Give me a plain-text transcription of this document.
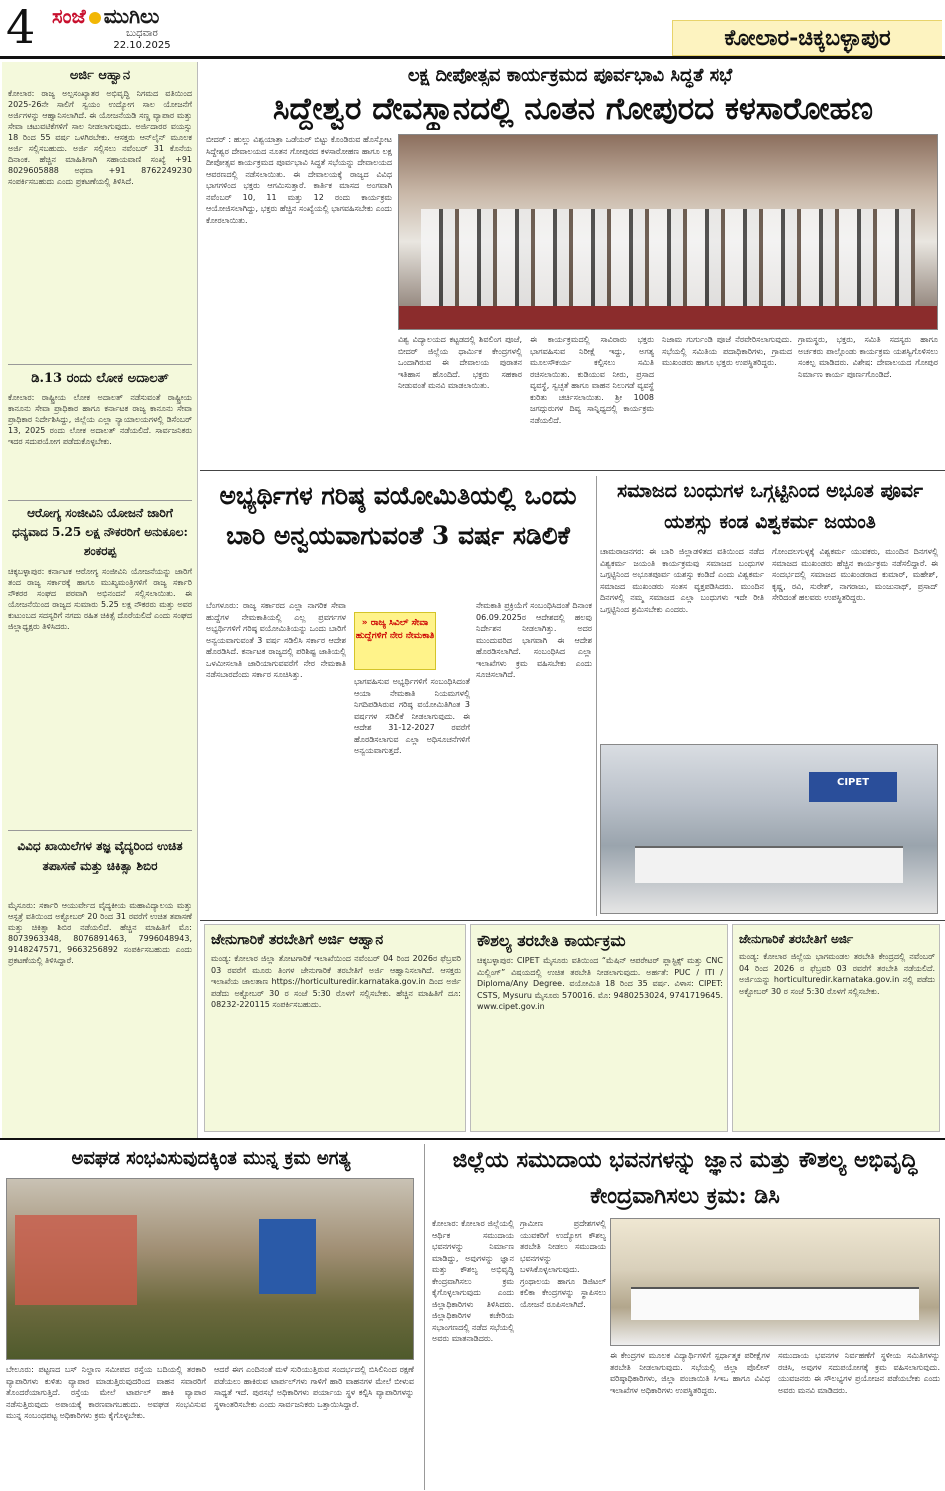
4 ಸಂಜೆ ಮುಗಿಲು
ಬುಧವಾರ
22.10.2025	ಕೋಲಾರ-ಚಿಕ್ಕಬಳ್ಳಾಪುರ
ಅರ್ಜಿ ಆಹ್ವಾನ
ಕೋಲಾರ: ರಾಜ್ಯ ಅಲ್ಪಸಂಖ್ಯಾತರ ಅಭಿವೃದ್ಧಿ ನಿಗಮದ ವತಿಯಿಂದ 2025-26ನೇ ಸಾಲಿಗೆ ಸ್ವಯಂ ಉದ್ಯೋಗ ಸಾಲ ಯೋಜನೆಗೆ ಅರ್ಜಿಗಳನ್ನು ಆಹ್ವಾನಿಸಲಾಗಿದೆ. ಈ ಯೋಜನೆಯಡಿ ಸಣ್ಣ ವ್ಯಾಪಾರ ಮತ್ತು ಸೇವಾ ಚಟುವಟಿಕೆಗಳಿಗೆ ಸಾಲ ನೀಡಲಾಗುವುದು. ಅರ್ಜಿದಾರರ ವಯಸ್ಸು 18 ರಿಂದ 55 ವರ್ಷ ಒಳಗಿರಬೇಕು. ಆಸಕ್ತರು ಆನ್‌ಲೈನ್ ಮೂಲಕ ಅರ್ಜಿ ಸಲ್ಲಿಸಬಹುದು. ಅರ್ಜಿ ಸಲ್ಲಿಸಲು ನವೆಂಬರ್ 31 ಕೊನೆಯ ದಿನಾಂಕ. ಹೆಚ್ಚಿನ ಮಾಹಿತಿಗಾಗಿ ಸಹಾಯವಾಣಿ ಸಂಖ್ಯೆ +91 8029605888 ಅಥವಾ +91 8762249230 ಸಂಪರ್ಕಿಸಬಹುದು ಎಂದು ಪ್ರಕಟಣೆಯಲ್ಲಿ ತಿಳಿಸಿದೆ.
ಡಿ.13 ರಂದು ಲೋಕ ಅದಾಲತ್
ಕೋಲಾರ: ರಾಷ್ಟ್ರೀಯ ಲೋಕ ಅದಾಲತ್ ನಡೆಸುವಂತೆ ರಾಷ್ಟ್ರೀಯ ಕಾನೂನು ಸೇವಾ ಪ್ರಾಧಿಕಾರ ಹಾಗೂ ಕರ್ನಾಟಕ ರಾಜ್ಯ ಕಾನೂನು ಸೇವಾ ಪ್ರಾಧಿಕಾರ ನಿರ್ದೇಶಿಸಿದ್ದು, ಜಿಲ್ಲೆಯ ಎಲ್ಲಾ ನ್ಯಾಯಾಲಯಗಳಲ್ಲಿ ಡಿಸೆಂಬರ್ 13, 2025 ರಂದು ಲೋಕ ಅದಾಲತ್ ನಡೆಯಲಿದೆ. ಸಾರ್ವಜನಿಕರು ಇದರ ಸದುಪಯೋಗ ಪಡೆದುಕೊಳ್ಳಬೇಕು.
ಆರೋಗ್ಯ ಸಂಜೀವಿನಿ ಯೋಜನೆ ಜಾರಿಗೆ ಧನ್ಯವಾದ 5.25 ಲಕ್ಷ ನೌಕರರಿಗೆ ಅನುಕೂಲ: ಶಂಕರಪ್ಪ
ಚಿಕ್ಕಬಳ್ಳಾಪುರ: ಕರ್ನಾಟಕ ಆರೋಗ್ಯ ಸಂಜೀವಿನಿ ಯೋಜನೆಯನ್ನು ಜಾರಿಗೆ ತಂದ ರಾಜ್ಯ ಸರ್ಕಾರಕ್ಕೆ ಹಾಗೂ ಮುಖ್ಯಮಂತ್ರಿಗಳಿಗೆ ರಾಜ್ಯ ಸರ್ಕಾರಿ ನೌಕರರ ಸಂಘದ ಪರವಾಗಿ ಅಭಿನಂದನೆ ಸಲ್ಲಿಸಲಾಯಿತು. ಈ ಯೋಜನೆಯಿಂದ ರಾಜ್ಯದ ಸುಮಾರು 5.25 ಲಕ್ಷ ನೌಕರರು ಮತ್ತು ಅವರ ಕುಟುಂಬದ ಸದಸ್ಯರಿಗೆ ನಗದು ರಹಿತ ಚಿಕಿತ್ಸೆ ದೊರೆಯಲಿದೆ ಎಂದು ಸಂಘದ ಜಿಲ್ಲಾಧ್ಯಕ್ಷರು ತಿಳಿಸಿದರು.
ವಿವಿಧ ಖಾಯಿಲೆಗಳ ತಜ್ಞ ವೈದ್ಯರಿಂದ ಉಚಿತ ತಪಾಸಣೆ ಮತ್ತು ಚಿಕಿತ್ಸಾ ಶಿಬಿರ
ಮೈಸೂರು: ಸರ್ಕಾರಿ ಆಯುರ್ವೇದ ವೈದ್ಯಕೀಯ ಮಹಾವಿದ್ಯಾಲಯ ಮತ್ತು ಆಸ್ಪತ್ರೆ ವತಿಯಿಂದ ಅಕ್ಟೋಬರ್ 20 ರಿಂದ 31 ರವರೆಗೆ ಉಚಿತ ತಪಾಸಣೆ ಮತ್ತು ಚಿಕಿತ್ಸಾ ಶಿಬಿರ ನಡೆಯಲಿದೆ. ಹೆಚ್ಚಿನ ಮಾಹಿತಿಗೆ ಮೊ: 8073963348, 8076891463, 7996048943, 9148247571, 9663256892 ಸಂಪರ್ಕಿಸಬಹುದು ಎಂದು ಪ್ರಕಟಣೆಯಲ್ಲಿ ತಿಳಿಸಿದ್ದಾರೆ.
ಲಕ್ಷ ದೀಪೋತ್ಸವ ಕಾರ್ಯಕ್ರಮದ ಪೂರ್ವಭಾವಿ ಸಿದ್ಧತೆ ಸಭೆ
ಸಿದ್ದೇಶ್ವರ ದೇವಸ್ಥಾನದಲ್ಲಿ ನೂತನ ಗೋಪುರದ ಕಳಸಾರೋಹಣ
ಬೀದರ್ : ಹುಲ್ಲು ವಿಶ್ವಯಾತ್ರಾ ಒಡೆಯರ್ ಬಿಟ್ಟು ಕೊಂಡಿರುವ ಹೊಸ್ಕೋಟ ಸಿದ್ದೇಶ್ವರ ದೇವಾಲಯದ ನೂತನ ಗೋಪುರದ ಕಳಸಾರೋಹಣ ಹಾಗೂ ಲಕ್ಷ ದೀಪೋತ್ಸವ ಕಾರ್ಯಕ್ರಮದ ಪೂರ್ವಭಾವಿ ಸಿದ್ಧತೆ ಸಭೆಯನ್ನು ದೇವಾಲಯದ ಆವರಣದಲ್ಲಿ ನಡೆಸಲಾಯಿತು. ಈ ದೇವಾಲಯಕ್ಕೆ ರಾಜ್ಯದ ವಿವಿಧ ಭಾಗಗಳಿಂದ ಭಕ್ತರು ಆಗಮಿಸುತ್ತಾರೆ. ಕಾರ್ತಿಕ ಮಾಸದ ಅಂಗವಾಗಿ ನವೆಂಬರ್ 10, 11 ಮತ್ತು 12 ರಂದು ಕಾರ್ಯಕ್ರಮ ಆಯೋಜಿಸಲಾಗಿದ್ದು, ಭಕ್ತರು ಹೆಚ್ಚಿನ ಸಂಖ್ಯೆಯಲ್ಲಿ ಭಾಗವಹಿಸಬೇಕು ಎಂದು ಕೋರಲಾಯಿತು.
ವಿಶ್ವ ವಿದ್ಯಾಲಯದ ಕಟ್ಟಡದಲ್ಲಿ ಶಿವಲಿಂಗ ಪೂಜೆ, ಬೀದರ್ ಜಿಲ್ಲೆಯ ಧಾರ್ಮಿಕ ಕೇಂದ್ರಗಳಲ್ಲಿ ಒಂದಾಗಿರುವ ಈ ದೇವಾಲಯ ಪುರಾತನ ಇತಿಹಾಸ ಹೊಂದಿದೆ. ಭಕ್ತರು ಸಹಕಾರ ನೀಡುವಂತೆ ಮನವಿ ಮಾಡಲಾಯಿತು.
ಈ ಕಾರ್ಯಕ್ರಮದಲ್ಲಿ ಸಾವಿರಾರು ಭಕ್ತರು ಭಾಗವಹಿಸುವ ನಿರೀಕ್ಷೆ ಇದ್ದು, ಅಗತ್ಯ ಮೂಲಸೌಕರ್ಯ ಕಲ್ಪಿಸಲು ಸಮಿತಿ ರಚಿಸಲಾಯಿತು. ಕುಡಿಯುವ ನೀರು, ಪ್ರಸಾದ ವ್ಯವಸ್ಥೆ, ಸ್ವಚ್ಛತೆ ಹಾಗೂ ವಾಹನ ನಿಲುಗಡೆ ವ್ಯವಸ್ಥೆ ಕುರಿತು ಚರ್ಚಿಸಲಾಯಿತು. ಶ್ರೀ 1008 ಜಗದ್ಗುರುಗಳ ದಿವ್ಯ ಸಾನ್ನಿಧ್ಯದಲ್ಲಿ ಕಾರ್ಯಕ್ರಮ ನಡೆಯಲಿದೆ.
ನಿಜಾಮ ಗುರ್ಗುಂಡಿ ಪೂಜೆ ನೆರವೇರಿಸಲಾಗುವುದು. ಸಭೆಯಲ್ಲಿ ಸಮಿತಿಯ ಪದಾಧಿಕಾರಿಗಳು, ಗ್ರಾಮದ ಮುಖಂಡರು ಹಾಗೂ ಭಕ್ತರು ಉಪಸ್ಥಿತರಿದ್ದರು.
ಗ್ರಾಮಸ್ಥರು, ಭಕ್ತರು, ಸಮಿತಿ ಸದಸ್ಯರು ಹಾಗೂ ಅರ್ಚಕರು ಪಾಲ್ಗೊಂಡು ಕಾರ್ಯಕ್ರಮ ಯಶಸ್ವಿಗೊಳಿಸಲು ಸಂಕಲ್ಪ ಮಾಡಿದರು. ವಿಶೇಷ: ದೇವಾಲಯದ ಗೋಪುರ ನಿರ್ಮಾಣ ಕಾರ್ಯ ಪೂರ್ಣಗೊಂಡಿದೆ.
ಅಭ್ಯರ್ಥಿಗಳ ಗರಿಷ್ಠ ವಯೋಮಿತಿಯಲ್ಲಿ ಒಂದು ಬಾರಿ ಅನ್ವಯವಾಗುವಂತೆ 3 ವರ್ಷ ಸಡಿಲಿಕೆ
ಬೆಂಗಳೂರು: ರಾಜ್ಯ ಸರ್ಕಾರದ ಎಲ್ಲಾ ನಾಗರಿಕ ಸೇವಾ ಹುದ್ದೆಗಳ ನೇಮಕಾತಿಯಲ್ಲಿ ಎಲ್ಲ ಪ್ರವರ್ಗಗಳ ಅಭ್ಯರ್ಥಿಗಳಿಗೆ ಗರಿಷ್ಠ ವಯೋಮಿತಿಯನ್ನು ಒಂದು ಬಾರಿಗೆ ಅನ್ವಯವಾಗುವಂತೆ 3 ವರ್ಷ ಸಡಿಲಿಸಿ ಸರ್ಕಾರ ಆದೇಶ ಹೊರಡಿಸಿದೆ. ಕರ್ನಾಟಕ ರಾಜ್ಯದಲ್ಲಿ ಪರಿಶಿಷ್ಟ ಜಾತಿಯಲ್ಲಿ ಒಳಮೀಸಲಾತಿ ಜಾರಿಯಾಗುವವರೆಗೆ ನೇರ ನೇಮಕಾತಿ ನಡೆಸಬಾರದೆಂದು ಸರ್ಕಾರ ಸೂಚಿಸಿತ್ತು.
» ರಾಜ್ಯ ಸಿವಿಲ್ ಸೇವಾ ಹುದ್ದೆಗಳಿಗೆ ನೇರ ನೇಮಕಾತಿ
ಭಾಗವಹಿಸುವ ಅಭ್ಯರ್ಥಿಗಳಿಗೆ ಸಂಬಂಧಿಸಿದಂತೆ ಆಯಾ ನೇಮಕಾತಿ ನಿಯಮಗಳಲ್ಲಿ ನಿಗದಿಪಡಿಸಿರುವ ಗರಿಷ್ಠ ವಯೋಮಿತಿಗಿಂತ 3 ವರ್ಷಗಳ ಸಡಿಲಿಕೆ ನೀಡಲಾಗುವುದು. ಈ ಆದೇಶ 31-12-2027 ರವರೆಗೆ ಹೊರಡಿಸಲಾಗುವ ಎಲ್ಲಾ ಅಧಿಸೂಚನೆಗಳಿಗೆ ಅನ್ವಯವಾಗುತ್ತದೆ.
ನೇಮಕಾತಿ ಪ್ರಕ್ರಿಯೆಗೆ ಸಂಬಂಧಿಸಿದಂತೆ ದಿನಾಂಕ 06.09.2025ರ ಆದೇಶದಲ್ಲಿ ಹಲವು ನಿರ್ದೇಶನ ನೀಡಲಾಗಿತ್ತು. ಅದರ ಮುಂದುವರಿದ ಭಾಗವಾಗಿ ಈ ಆದೇಶ ಹೊರಡಿಸಲಾಗಿದೆ. ಸಂಬಂಧಿಸಿದ ಎಲ್ಲಾ ಇಲಾಖೆಗಳು ಕ್ರಮ ವಹಿಸಬೇಕು ಎಂದು ಸೂಚಿಸಲಾಗಿದೆ.
ಸಮಾಜದ ಬಂಧುಗಳ ಒಗ್ಗಟ್ಟಿನಿಂದ ಅಭೂತ ಪೂರ್ವ ಯಶಸ್ಸು ಕಂಡ ವಿಶ್ವಕರ್ಮ ಜಯಂತಿ
ಚಾಮರಾಜನಗರ: ಈ ಬಾರಿ ಜಿಲ್ಲಾಡಳಿತದ ವತಿಯಿಂದ ನಡೆದ ವಿಶ್ವಕರ್ಮ ಜಯಂತಿ ಕಾರ್ಯಕ್ರಮವು ಸಮಾಜದ ಬಂಧುಗಳ ಒಗ್ಗಟ್ಟಿನಿಂದ ಅಭೂತಪೂರ್ವ ಯಶಸ್ಸು ಕಂಡಿದೆ ಎಂದು ವಿಶ್ವಕರ್ಮ ಸಮಾಜದ ಮುಖಂಡರು ಸಂತಸ ವ್ಯಕ್ತಪಡಿಸಿದರು. ಮುಂದಿನ ದಿನಗಳಲ್ಲಿ ನಮ್ಮ ಸಮಾಜದ ಎಲ್ಲಾ ಬಂಧುಗಳು ಇದೇ ರೀತಿ ಒಗ್ಗಟ್ಟಿನಿಂದ ಶ್ರಮಿಸಬೇಕು ಎಂದರು.
ಗೋಂದಲಗುಳ್ಳಕ್ಕೆ ವಿಶ್ವಕರ್ಮ ಯುವಕರು, ಮುಂದಿನ ದಿನಗಳಲ್ಲಿ ಸಮಾಜದ ಮುಖಂಡರು ಹೆಚ್ಚಿನ ಕಾರ್ಯಕ್ರಮ ನಡೆಸಲಿದ್ದಾರೆ. ಈ ಸಂದರ್ಭದಲ್ಲಿ ಸಮಾಜದ ಮುಖಂಡರಾದ ಕುಮಾರ್, ಮಹೇಶ್, ಕೃಷ್ಣ, ರವಿ, ಸುರೇಶ್, ನಾಗರಾಜು, ಮಂಜುನಾಥ್, ಪ್ರಸಾದ್ ಸೇರಿದಂತೆ ಹಲವರು ಉಪಸ್ಥಿತರಿದ್ದರು.
CIPET
ಜೇನುಗಾರಿಕೆ ತರಬೇತಿಗೆ ಅರ್ಜಿ ಆಹ್ವಾನ
ಮಂಡ್ಯ: ಕೋಲಾರ ಜಿಲ್ಲಾ ತೋಟಗಾರಿಕೆ ಇಲಾಖೆಯಿಂದ ನವೆಂಬರ್ 04 ರಿಂದ 2026ರ ಫೆಬ್ರವರಿ 03 ರವರೆಗೆ ಮೂರು ತಿಂಗಳ ಜೇನುಗಾರಿಕೆ ತರಬೇತಿಗೆ ಅರ್ಜಿ ಆಹ್ವಾನಿಸಲಾಗಿದೆ. ಆಸಕ್ತರು ಇಲಾಖೆಯ ಜಾಲತಾಣ https://horticulturedir.karnataka.gov.in ದಿಂದ ಅರ್ಜಿ ಪಡೆದು ಅಕ್ಟೋಬರ್ 30 ರ ಸಂಜೆ 5:30 ರೊಳಗೆ ಸಲ್ಲಿಸಬೇಕು. ಹೆಚ್ಚಿನ ಮಾಹಿತಿಗೆ ದೂ: 08232-220115 ಸಂಪರ್ಕಿಸಬಹುದು.
ಕೌಶಲ್ಯ ತರಬೇತಿ ಕಾರ್ಯಕ್ರಮ
ಚಿಕ್ಕಬಳ್ಳಾಪುರ: CIPET ಮೈಸೂರು ವತಿಯಿಂದ “ಮೆಷಿನ್ ಆಪರೇಟರ್ ಪ್ಲಾಸ್ಟಿಕ್ಸ್ ಮತ್ತು CNC ಮಿಲ್ಲಿಂಗ್” ವಿಷಯದಲ್ಲಿ ಉಚಿತ ತರಬೇತಿ ನೀಡಲಾಗುವುದು. ಅರ್ಹತೆ: PUC / ITI / Diploma/Any Degree. ವಯೋಮಿತಿ 18 ರಿಂದ 35 ವರ್ಷ. ವಿಳಾಸ: CIPET: CSTS, Mysuru ಮೈಸೂರು 570016. ಮೊ: 9480253024, 9741719645. www.cipet.gov.in
ಜೇನುಗಾರಿಕೆ ತರಬೇತಿಗೆ ಅರ್ಜಿ
ಮಂಡ್ಯ: ಕೋಲಾರ ಜಿಲ್ಲೆಯ ಭಾಗಮಂಡಲ ತರಬೇತಿ ಕೇಂದ್ರದಲ್ಲಿ ನವೆಂಬರ್ 04 ರಿಂದ 2026 ರ ಫೆಬ್ರವರಿ 03 ರವರೆಗೆ ತರಬೇತಿ ನಡೆಯಲಿದೆ. ಅರ್ಜಿಯನ್ನು horticulturedir.karnataka.gov.in ನಲ್ಲಿ ಪಡೆದು ಅಕ್ಟೋಬರ್ 30 ರ ಸಂಜೆ 5:30 ರೊಳಗೆ ಸಲ್ಲಿಸಬೇಕು.
ಅವಘಡ ಸಂಭವಿಸುವುದಕ್ಕಿಂತ ಮುನ್ನ ಕ್ರಮ ಅಗತ್ಯ
ಬೇಲೂರು: ಪಟ್ಟಣದ ಬಸ್ ನಿಲ್ದಾಣ ಸಮೀಪದ ರಸ್ತೆಯ ಬದಿಯಲ್ಲಿ ತರಕಾರಿ ವ್ಯಾಪಾರಿಗಳು ಕುಳಿತು ವ್ಯಾಪಾರ ಮಾಡುತ್ತಿರುವುದರಿಂದ ವಾಹನ ಸವಾರರಿಗೆ ತೊಂದರೆಯಾಗುತ್ತಿದೆ. ರಸ್ತೆಯ ಮೇಲೆ ಟಾರ್ಪಲ್ ಹಾಕಿ ವ್ಯಾಪಾರ ನಡೆಸುತ್ತಿರುವುದು ಅಪಾಯಕ್ಕೆ ಕಾರಣವಾಗಬಹುದು. ಅವಘಡ ಸಂಭವಿಸುವ ಮುನ್ನ ಸಂಬಂಧಪಟ್ಟ ಅಧಿಕಾರಿಗಳು ಕ್ರಮ ಕೈಗೊಳ್ಳಬೇಕು.
ಆದರೆ ಈಗ ಎಂದಿನಂತೆ ಮಳೆ ಸುರಿಯುತ್ತಿರುವ ಸಂದರ್ಭದಲ್ಲಿ ಬಿಸಿಲಿನಿಂದ ರಕ್ಷಣೆ ಪಡೆಯಲು ಹಾಕಿರುವ ಟಾರ್ಪಲ್‌ಗಳು ಗಾಳಿಗೆ ಹಾರಿ ವಾಹನಗಳ ಮೇಲೆ ಬೀಳುವ ಸಾಧ್ಯತೆ ಇದೆ. ಪುರಸಭೆ ಅಧಿಕಾರಿಗಳು ಪರ್ಯಾಯ ಸ್ಥಳ ಕಲ್ಪಿಸಿ ವ್ಯಾಪಾರಿಗಳನ್ನು ಸ್ಥಳಾಂತರಿಸಬೇಕು ಎಂದು ಸಾರ್ವಜನಿಕರು ಒತ್ತಾಯಿಸಿದ್ದಾರೆ.
ಜಿಲ್ಲೆಯ ಸಮುದಾಯ ಭವನಗಳನ್ನು ಜ್ಞಾನ ಮತ್ತು ಕೌಶಲ್ಯ ಅಭಿವೃದ್ಧಿ ಕೇಂದ್ರವಾಗಿಸಲು ಕ್ರಮ: ಡಿಸಿ
ಕೋಲಾರ: ಕೋಲಾರ ಜಿಲ್ಲೆಯಲ್ಲಿ ಆರ್ಥಿಕ ಸಮುದಾಯ ಭವನಗಳನ್ನು ನಿರ್ಮಾಣ ಮಾಡಿದ್ದು, ಅವುಗಳನ್ನು ಜ್ಞಾನ ಮತ್ತು ಕೌಶಲ್ಯ ಅಭಿವೃದ್ಧಿ ಕೇಂದ್ರವಾಗಿಸಲು ಕ್ರಮ ಕೈಗೊಳ್ಳಲಾಗುವುದು ಎಂದು ಜಿಲ್ಲಾಧಿಕಾರಿಗಳು ತಿಳಿಸಿದರು. ಜಿಲ್ಲಾಧಿಕಾರಿಗಳ ಕಚೇರಿಯ ಸಭಾಂಗಣದಲ್ಲಿ ನಡೆದ ಸಭೆಯಲ್ಲಿ ಅವರು ಮಾತನಾಡಿದರು.
ಗ್ರಾಮೀಣ ಪ್ರದೇಶಗಳಲ್ಲಿ ಯುವಕರಿಗೆ ಉದ್ಯೋಗ ಕೌಶಲ್ಯ ತರಬೇತಿ ನೀಡಲು ಸಮುದಾಯ ಭವನಗಳನ್ನು ಬಳಸಿಕೊಳ್ಳಲಾಗುವುದು. ಗ್ರಂಥಾಲಯ ಹಾಗೂ ಡಿಜಿಟಲ್ ಕಲಿಕಾ ಕೇಂದ್ರಗಳನ್ನು ಸ್ಥಾಪಿಸಲು ಯೋಜನೆ ರೂಪಿಸಲಾಗಿದೆ.
ಈ ಕೇಂದ್ರಗಳ ಮೂಲಕ ವಿದ್ಯಾರ್ಥಿಗಳಿಗೆ ಸ್ಪರ್ಧಾತ್ಮಕ ಪರೀಕ್ಷೆಗಳ ತರಬೇತಿ ನೀಡಲಾಗುವುದು. ಸಭೆಯಲ್ಲಿ ಜಿಲ್ಲಾ ಪೊಲೀಸ್ ವರಿಷ್ಠಾಧಿಕಾರಿಗಳು, ಜಿಲ್ಲಾ ಪಂಚಾಯಿತಿ ಸಿಇಒ ಹಾಗೂ ವಿವಿಧ ಇಲಾಖೆಗಳ ಅಧಿಕಾರಿಗಳು ಉಪಸ್ಥಿತರಿದ್ದರು.
ಸಮುದಾಯ ಭವನಗಳ ನಿರ್ವಹಣೆಗೆ ಸ್ಥಳೀಯ ಸಮಿತಿಗಳನ್ನು ರಚಿಸಿ, ಅವುಗಳ ಸದುಪಯೋಗಕ್ಕೆ ಕ್ರಮ ವಹಿಸಲಾಗುವುದು. ಯುವಜನರು ಈ ಸೌಲಭ್ಯಗಳ ಪ್ರಯೋಜನ ಪಡೆಯಬೇಕು ಎಂದು ಅವರು ಮನವಿ ಮಾಡಿದರು.
